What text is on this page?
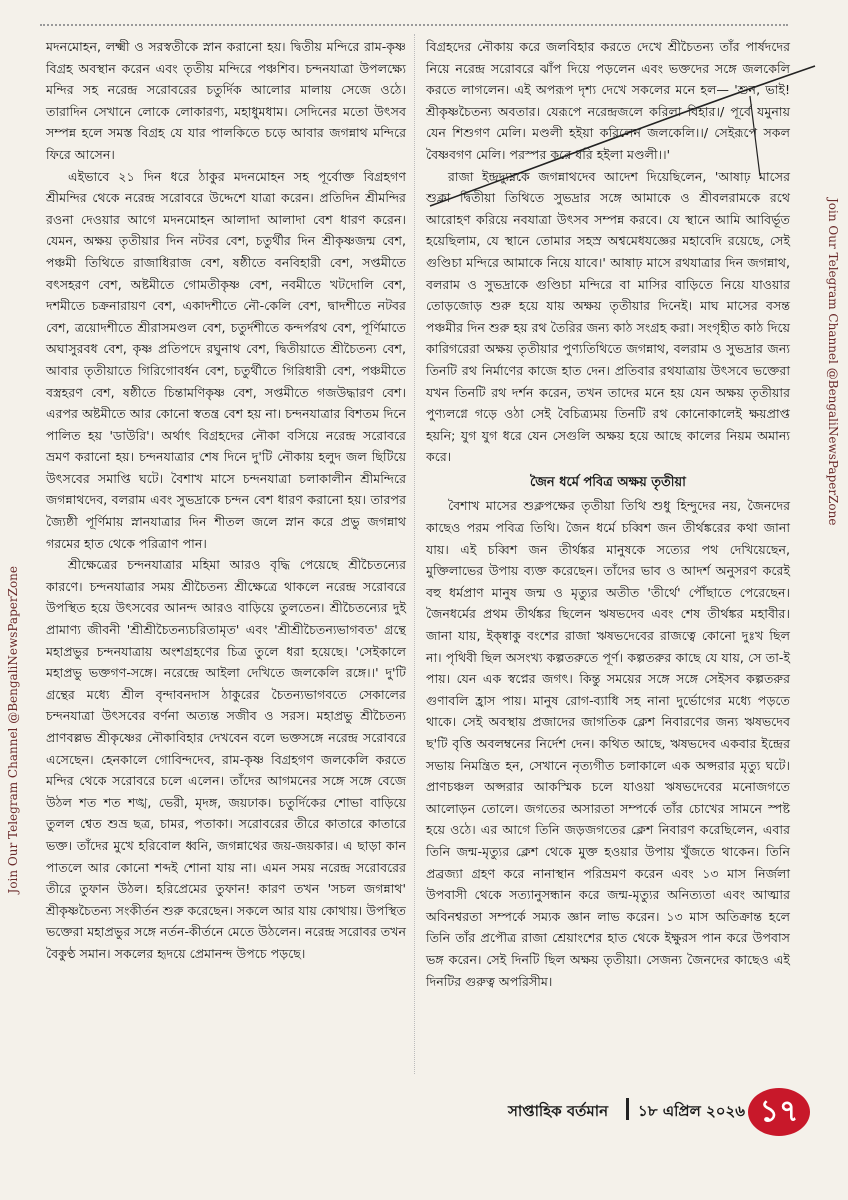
মদনমোহন, লক্ষ্মী ও সরস্বতীকে স্নান করানো হয়। দ্বিতীয় মন্দিরে রাম-কৃষ্ণ বিগ্রহ অবস্থান করেন এবং তৃতীয় মন্দিরে পঞ্চশিব। চন্দনযাত্রা উপলক্ষ্যে মন্দির সহ নরেন্দ্র সরোবরের চতুর্দিক আলোর মালায় সেজে ওঠে। তারাদিন সেখানে লোকে লোকারণ্য, মহাধুমধাম। সেদিনের মতো উৎসব সম্পন্ন হলে সমস্ত বিগ্রহ যে যার পালকিতে চড়ে আবার জগন্নাথ মন্দিরে ফিরে আসেন।

এইভাবে ২১ দিন ধরে ঠাকুর মদনমোহন সহ পূর্বোক্ত বিগ্রহগণ শ্রীমন্দির থেকে নরেন্দ্র সরোবরে উদ্দেশে যাত্রা করেন। প্রতিদিন শ্রীমন্দির রওনা দেওয়ার আগে মদনমোহন আলাদা আলাদা বেশ ধারণ করেন। যেমন, অক্ষয় তৃতীয়ার দিন নটবর বেশ, চতুর্থীর দিন শ্রীকৃষ্ণজন্ম বেশ, পঞ্চমী তিথিতে রাজাধিরাজ বেশ, ষষ্ঠীতে বনবিহারী বেশ, সপ্তমীতে বৎসহরণ বেশ, অষ্টমীতে গোমতীকৃষ্ণ বেশ, নবমীতে খটদোলি বেশ, দশমীতে চক্রনারায়ণ বেশ, একাদশীতে নৌ-কেলি বেশ, দ্বাদশীতে নটবর বেশ, ত্রয়োদশীতে শ্রীরাসমণ্ডল বেশ, চতুর্দশীতে কন্দর্পরথ বেশ, পূর্ণিমাতে অঘাসুরবধ বেশ, কৃষ্ণ প্রতিপদে রঘুনাথ বেশ, দ্বিতীয়াতে শ্রীচৈতন্য বেশ, আবার তৃতীয়াতে গিরিগোবর্ধন বেশ, চতুর্থীতে গিরিধারী বেশ, পঞ্চমীতে বস্ত্রহরণ বেশ, ষষ্ঠীতে চিন্তামণিকৃষ্ণ বেশ, সপ্তমীতে গজউদ্ধারণ বেশ। এরপর অষ্টমীতে আর কোনো স্বতন্ত্র বেশ হয় না। চন্দনযাত্রার বিশতম দিনে পালিত হয় 'ডাউরি'। অর্থাৎ বিগ্রহদের নৌকা বসিয়ে নরেন্দ্র সরোবরে ভ্রমণ করানো হয়। চন্দনযাত্রার শেষ দিনে দু'টি নৌকায় হলুদ জল ছিটিয়ে উৎসবের সমাপ্তি ঘটে। বৈশাখ মাসে চন্দনযাত্রা চলাকালীন শ্রীমন্দিরে জগন্নাথদেব, বলরাম এবং সুভদ্রাকে চন্দন বেশ ধারণ করানো হয়। তারপর জ্যৈষ্ঠী পূর্ণিমায় স্নানযাত্রার দিন শীতল জলে স্নান করে প্রভু জগন্নাথ গরমের হাত থেকে পরিত্রাণ পান।

শ্রীক্ষেত্রের চন্দনযাত্রার মহিমা আরও বৃদ্ধি পেয়েছে শ্রীচৈতন্যের কারণে। চন্দনযাত্রার সময় শ্রীচৈতন্য শ্রীক্ষেত্রে থাকলে নরেন্দ্র সরোবরে উপস্থিত হয়ে উৎসবের আনন্দ আরও বাড়িয়ে তুলতেন। শ্রীচৈতন্যের দুই প্রামাণ্য জীবনী 'শ্রীশ্রীচৈতন্যচরিতামৃত' এবং 'শ্রীশ্রীচৈতন্যভাগবত' গ্রন্থে মহাপ্রভুর চন্দনযাত্রায় অংশগ্রহণের চিত্র তুলে ধরা হয়েছে। 'সেইকালে মহাপ্রভু ভক্তগণ-সঙ্গে। নরেন্দ্রে আইলা দেখিতে জলকেলি রঙ্গে।।' দু'টি গ্রন্থের মধ্যে শ্রীল বৃন্দাবনদাস ঠাকুরের চৈতন্যভাগবতে সেকালের চন্দনযাত্রা উৎসবের বর্ণনা অত্যন্ত সজীব ও সরস। মহাপ্রভু শ্রীচৈতন্য প্রাণবল্লভ শ্রীকৃষ্ণের নৌকাবিহার দেখবেন বলে ভক্তসঙ্গে নরেন্দ্র সরোবরে এসেছেন। হেনকালে গোবিন্দদেব, রাম-কৃষ্ণ বিগ্রহগণ জলকেলি করতে মন্দির থেকে সরোবরে চলে এলেন। তাঁদের আগমনের সঙ্গে সঙ্গে বেজে উঠল শত শত শঙ্খ, ভেরী, মৃদঙ্গ, জয়ঢাক। চতুর্দিকের শোভা বাড়িয়ে তুলল শ্বেত শুভ্র ছত্র, চামর, পতাকা। সরোবরের তীরে কাতারে কাতারে ভক্ত। তাঁদের মুখে হরিবোল ধ্বনি, জগন্নাথের জয়-জয়কার। এ ছাড়া কান পাতলে আর কোনো শব্দই শোনা যায় না। এমন সময় নরেন্দ্র সরোবরের তীরে তুফান উঠল। হরিপ্রেমের তুফান! কারণ তখন 'সচল জগন্নাথ' শ্রীকৃষ্ণচৈতন্য সংকীর্তন শুরু করেছেন। সকলে আর যায় কোথায়। উপস্থিত ভক্তেরা মহাপ্রভুর সঙ্গে নর্তন-কীর্তনে মেতে উঠলেন। নরেন্দ্র সরোবর তখন বৈকুণ্ঠ সমান। সকলের হৃদয়ে প্রেমানন্দ উপচে পড়ছে।

বিগ্রহদের নৌকায় করে জলবিহার করতে দেখে শ্রীচৈতন্য তাঁর পার্ষদদের নিয়ে নরেন্দ্র সরোবরে ঝাঁপ দিয়ে পড়লেন এবং ভক্তদের সঙ্গে জলকেলি করতে লাগলেন। এই অপরূপ দৃশ্য দেখে সকলের মনে হল— 'শুন, ভাই! শ্রীকৃষ্ণচৈতন্য অবতার। যেরূপে নরেন্দ্রজলে করিলা বিহার।/ পূর্বে যমুনায় যেন শিশুগণ মেলি। মণ্ডলী হইয়া করিলেন জলকেলি।।/ সেইরূপে সকল বৈষ্ণবগণ মেলি। পরস্পর করে ধরি হইলা মণ্ডলী।।'

রাজা ইন্দ্রদ্যুম্নকে জগন্নাথদেব আদেশ দিয়েছিলেন, 'আষাঢ় মাসের শুক্লা দ্বিতীয়া তিথিতে সুভদ্রার সঙ্গে আমাকে ও শ্রীবলরামকে রথে আরোহণ করিয়ে নবযাত্রা উৎসব সম্পন্ন করবে। যে স্থানে আমি আবির্ভূত হয়েছিলাম, যে স্থানে তোমার সহস্র অশ্বমেধযজ্ঞের মহাবেদি রয়েছে, সেই গুণ্ডিচা মন্দিরে আমাকে নিয়ে যাবে।' আষাঢ় মাসে রথযাত্রার দিন জগন্নাথ, বলরাম ও সুভদ্রাকে গুণ্ডিচা মন্দিরে বা মাসির বাড়িতে নিয়ে যাওয়ার তোড়জোড় শুরু হয়ে যায় অক্ষয় তৃতীয়ার দিনেই। মাঘ মাসের বসন্ত পঞ্চমীর দিন শুরু হয় রথ তৈরির জন্য কাঠ সংগ্রহ করা। সংগৃহীত কাঠ দিয়ে কারিগরেরা অক্ষয় তৃতীয়ার পুণ্যতিথিতে জগন্নাথ, বলরাম ও সুভদ্রার জন্য তিনটি রথ নির্মাণের কাজে হাত দেন। প্রতিবার রথযাত্রায় উৎসবে ভক্তেরা যখন তিনটি রথ দর্শন করেন, তখন তাদের মনে হয় যেন অক্ষয় তৃতীয়ার পুণ্যলগ্নে গড়ে ওঠা সেই বৈচিত্র্যময় তিনটি রথ কোনোকালেই ক্ষয়প্রাপ্ত হয়নি; যুগ যুগ ধরে যেন সেগুলি অক্ষয় হয়ে আছে কালের নিয়ম অমান্য করে।

জৈন ধর্মে পবিত্র অক্ষয় তৃতীয়া

বৈশাখ মাসের শুক্লপক্ষের তৃতীয়া তিথি শুধু হিন্দুদের নয়, জৈনদের কাছেও পরম পবিত্র তিথি। জৈন ধর্মে চব্বিশ জন তীর্থঙ্করের কথা জানা যায়। এই চব্বিশ জন তীর্থঙ্কর মানুষকে সত্যের পথ দেখিয়েছেন, মুক্তিলাভের উপায় ব্যক্ত করেছেন। তাঁদের ভাব ও আদর্শ অনুসরণ করেই বহু ধর্মপ্রাণ মানুষ জন্ম ও মৃত্যুর অতীত 'তীর্থে' পৌঁছাতে পেরেছেন। জৈনধর্মের প্রথম তীর্থঙ্কর ছিলেন ঋষভদেব এবং শেষ তীর্থঙ্কর মহাবীর। জানা যায়, ইক্ষ্বাকু বংশের রাজা ঋষভদেবের রাজত্বে কোনো দুঃখ ছিল না। পৃথিবী ছিল অসংখ্য কল্পতরুতে পূর্ণ। কল্পতরুর কাছে যে যায়, সে তা-ই পায়। যেন এক স্বপ্নের জগৎ। কিন্তু সময়ের সঙ্গে সঙ্গে সেইসব কল্পতরুর গুণাবলি হ্রাস পায়। মানুষ রোগ-ব্যাধি সহ নানা দুর্ভোগের মধ্যে পড়তে থাকে। সেই অবস্থায় প্রজাদের জাগতিক ক্লেশ নিবারণের জন্য ঋষভদেব ছ'টি বৃত্তি অবলম্বনের নির্দেশ দেন। কথিত আছে, ঋষভদেব একবার ইন্দ্রের সভায় নিমন্ত্রিত হন, সেখানে নৃত্যগীত চলাকালে এক অপ্সরার মৃত্যু ঘটে। প্রাণচঞ্চল অপ্সরার আকস্মিক চলে যাওয়া ঋষভদেবের মনোজগতে আলোড়ন তোলে। জগতের অসারতা সম্পর্কে তাঁর চোখের সামনে স্পষ্ট হয়ে ওঠে। এর আগে তিনি জড়জগতের ক্লেশ নিবারণ করেছিলেন, এবার তিনি জন্ম-মৃত্যুর ক্লেশ থেকে মুক্ত হওয়ার উপায় খুঁজতে থাকেন। তিনি প্রব্রজ্যা গ্রহণ করে নানাস্থান পরিভ্রমণ করেন এবং ১৩ মাস নির্জলা উপবাসী থেকে সত্যানুসন্ধান করে জন্ম-মৃত্যুর অনিত্যতা এবং আত্মার অবিনশ্বরতা সম্পর্কে সম্যক জ্ঞান লাভ করেন। ১৩ মাস অতিক্রান্ত হলে তিনি তাঁর প্রপৌত্র রাজা শ্রেয়াংশের হাত থেকে ইক্ষুরস পান করে উপবাস ভঙ্গ করেন। সেই দিনটি ছিল অক্ষয় তৃতীয়া। সেজন্য জৈনদের কাছেও এই দিনটির গুরুত্ব অপরিসীম।

Join Our Telegram Channel @BengaliNewsPaperZone
Join Our Telegram Channel @BengaliNewsPaperZone
সাপ্তাহিক বর্তমান ১৮ এপ্রিল ২০২৬ ১৭
